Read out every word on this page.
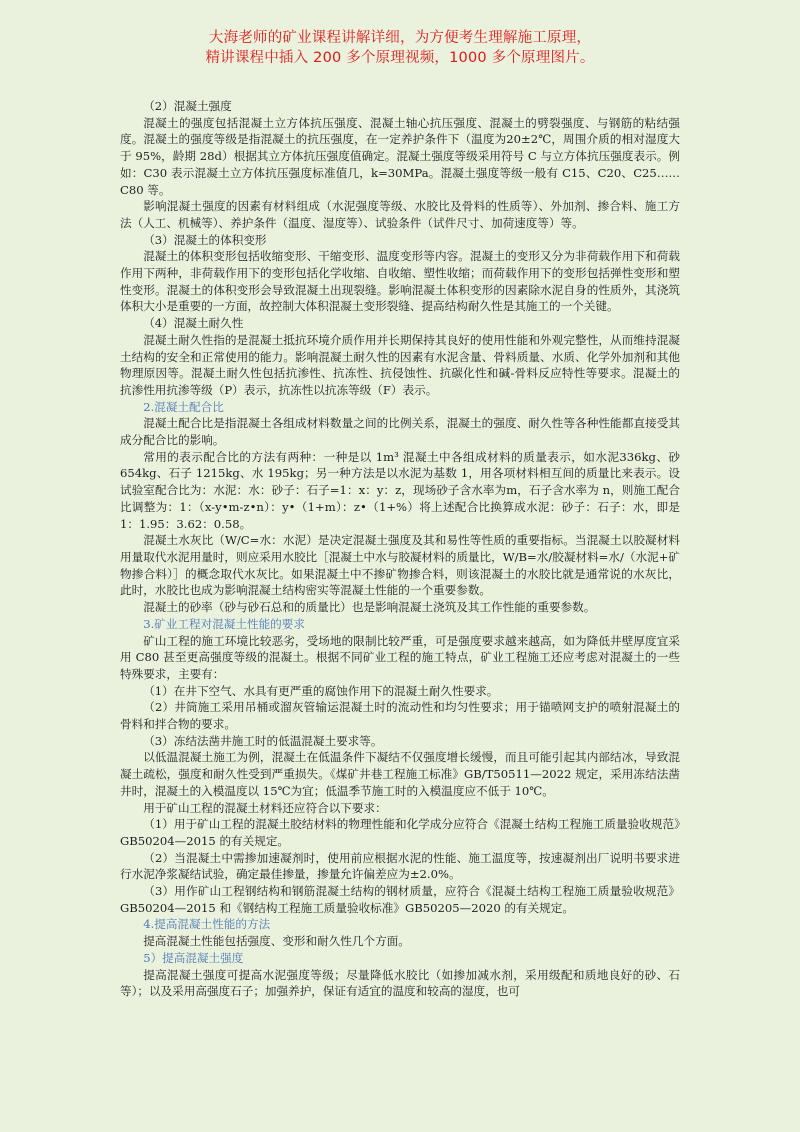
大海老师的矿业课程讲解详细，为方便考生理解施工原理，
精讲课程中插入 200 多个原理视频，1000 多个原理图片。

（2）混凝土强度

混凝土的强度包括混凝土立方体抗压强度、混凝土轴心抗压强度、混凝土的劈裂强度、与钢筋的粘结强度。混凝土的强度等级是指混凝土的抗压强度，在一定养护条件下（温度为20±2℃，周围介质的相对湿度大于 95%，龄期 28d）根据其立方体抗压强度值确定。混凝土强度等级采用符号 C 与立方体抗压强度表示。例如：C30 表示混凝土立方体抗压强度标准值几，k=30MPa。混凝土强度等级一般有 C15、C20、C25……C80 等。

影响混凝土强度的因素有材料组成（水泥强度等级、水胶比及骨料的性质等）、外加剂、掺合料、施工方法（人工、机械等）、养护条件（温度、湿度等）、试验条件（试件尺寸、加荷速度等）等。

（3）混凝土的体积变形

混凝土的体积变形包括收缩变形、干缩变形、温度变形等内容。混凝土的变形又分为非荷载作用下和荷载作用下两种，非荷载作用下的变形包括化学收缩、自收缩、塑性收缩；而荷载作用下的变形包括弹性变形和塑性变形。混凝土的体积变形会导致混凝土出现裂缝。影响混凝土体积变形的因素除水泥自身的性质外，其浇筑体积大小是重要的一方面，故控制大体积混凝土变形裂缝、提高结构耐久性是其施工的一个关键。

（4）混凝土耐久性

混凝土耐久性指的是混凝土抵抗环境介质作用并长期保持其良好的使用性能和外观完整性，从而维持混凝土结构的安全和正常使用的能力。影响混凝土耐久性的因素有水泥含量、骨料质量、水质、化学外加剂和其他物理原因等。混凝土耐久性包括抗渗性、抗冻性、抗侵蚀性、抗碳化性和碱-骨料反应特性等要求。混凝土的抗渗性用抗渗等级（P）表示，抗冻性以抗冻等级（F）表示。

2.混凝土配合比

混凝土配合比是指混凝土各组成材料数量之间的比例关系，混凝土的强度、耐久性等各种性能都直接受其成分配合比的影响。

常用的表示配合比的方法有两种：一种是以 1m³ 混凝土中各组成材料的质量表示，如水泥336kg、砂 654kg、石子 1215kg、水 195kg；另一种方法是以水泥为基数 1，用各项材料相互间的质量比来表示。设试验室配合比为：水泥：水：砂子：石子=1：x：y：z，现场砂子含水率为m，石子含水率为 n，则施工配合比调整为：1：（x-y•m-z•n）：y•（1+m）：z•（1+%）将上述配合比换算成水泥：砂子：石子：水，即是 1：1.95：3.62：0.58。

混凝土水灰比（W/C=水：水泥）是决定混凝土强度及其和易性等性质的重要指标。当混凝土以胶凝材料用量取代水泥用量时，则应采用水胶比［混凝土中水与胶凝材料的质量比，W/B=水/胶凝材料=水/（水泥+矿物掺合料）］的概念取代水灰比。如果混凝土中不掺矿物掺合料，则该混凝土的水胶比就是通常说的水灰比，此时，水胶比也成为影响混凝土结构密实等混凝土性能的一个重要参数。

混凝土的砂率（砂与砂石总和的质量比）也是影响混凝土浇筑及其工作性能的重要参数。

3.矿业工程对混凝土性能的要求

矿山工程的施工环境比较恶劣，受场地的限制比较严重，可是强度要求越来越高，如为降低井壁厚度宜采用 C80 甚至更高强度等级的混凝土。根据不同矿业工程的施工特点，矿业工程施工还应考虑对混凝土的一些特殊要求，主要有：

（1）在井下空气、水具有更严重的腐蚀作用下的混凝土耐久性要求。

（2）井筒施工采用吊桶或溜灰管输运混凝土时的流动性和均匀性要求；用于锚喷网支护的喷射混凝土的骨料和拌合物的要求。

（3）冻结法凿井施工时的低温混凝土要求等。

以低温混凝土施工为例，混凝土在低温条件下凝结不仅强度增长缓慢，而且可能引起其内部结冰，导致混凝土疏松，强度和耐久性受到严重损失。《煤矿井巷工程施工标准》GB/T50511—2022 规定，采用冻结法凿井时，混凝土的入模温度以 15℃为宜；低温季节施工时的入模温度应不低于 10℃。

用于矿山工程的混凝土材料还应符合以下要求：

（1）用于矿山工程的混凝土胶结材料的物理性能和化学成分应符合《混凝土结构工程施工质量验收规范》GB50204—2015 的有关规定。

（2）当混凝土中需掺加速凝剂时，使用前应根据水泥的性能、施工温度等，按速凝剂出厂说明书要求进行水泥净浆凝结试验，确定最佳掺量，掺量允许偏差应为±2.0%。

（3）用作矿山工程钢结构和钢筋混凝土结构的钢材质量，应符合《混凝土结构工程施工质量验收规范》GB50204—2015 和《钢结构工程施工质量验收标准》GB50205—2020 的有关规定。

4.提高混凝土性能的方法

提高混凝土性能包括强度、变形和耐久性几个方面。

5）提高混凝土强度

提高混凝土强度可提高水泥强度等级；尽量降低水胶比（如掺加减水剂，采用级配和质地良好的砂、石等）；以及采用高强度石子；加强养护，保证有适宜的温度和较高的湿度，也可
